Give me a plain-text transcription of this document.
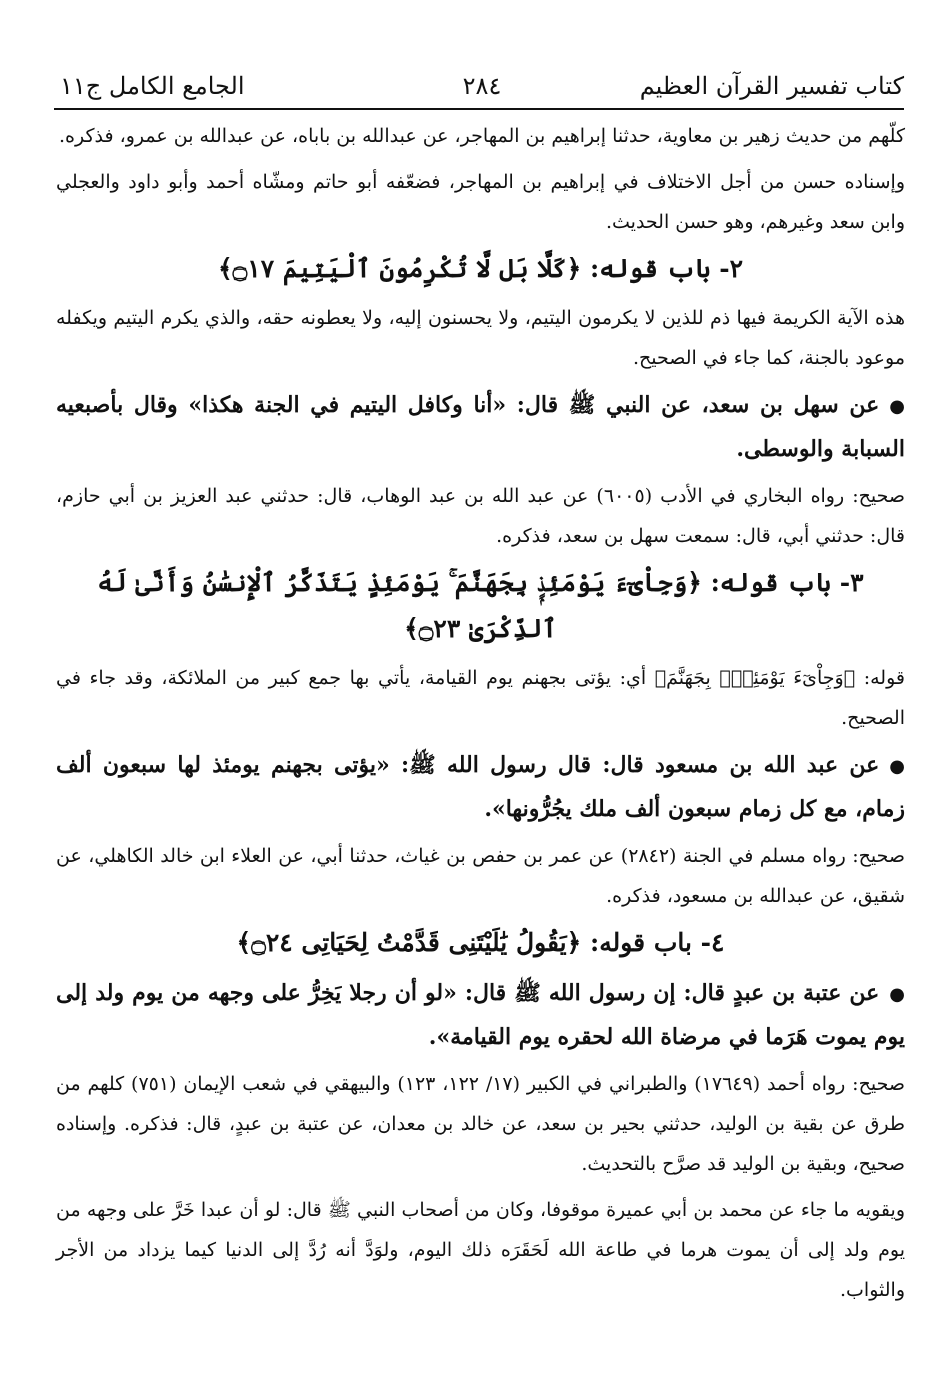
كتاب تفسير القرآن العظيم
٢٨٤
الجامع الكامل ج١١

كلّهم من حديث زهير بن معاوية، حدثنا إبراهيم بن المهاجر، عن عبدالله بن باباه، عن عبدالله بن عمرو، فذكره.

وإسناده حسن من أجل الاختلاف في إبراهيم بن المهاجر، فضعّفه أبو حاتم ومشّاه أحمد وأبو داود والعجلي وابن سعد وغيرهم، وهو حسن الحديث.

٢- باب قوله: ﴿كَلَّا بَل لَّا تُكْرِمُونَ ٱلْيَتِيمَ ۝١٧﴾

هذه الآية الكريمة فيها ذم للذين لا يكرمون اليتيم، ولا يحسنون إليه، ولا يعطونه حقه، والذي يكرم اليتيم ويكفله موعود بالجنة، كما جاء في الصحيح.

●عن سهل بن سعد، عن النبي ﷺ قال: «أنا وكافل اليتيم في الجنة هكذا» وقال بأصبعيه السبابة والوسطى.

صحيح: رواه البخاري في الأدب (٦٠٠٥) عن عبد الله بن عبد الوهاب، قال: حدثني عبد العزيز بن أبي حازم، قال: حدثني أبي، قال: سمعت سهل بن سعد، فذكره.

٣- باب قوله: ﴿وَجِاْىٓءَ يَوْمَئِذٍۭ بِجَهَنَّمَ ۚ يَوْمَئِذٍ يَتَذَكَّرُ ٱلْإِنسَٰنُ وَأَنَّىٰ لَهُ ٱلذِّكْرَىٰ ۝٢٣﴾

قوله: ﴿وَجِاْىٓءَ يَوْمَئِذٍۭ بِجَهَنَّمَ﴾ أي: يؤتى بجهنم يوم القيامة، يأتي بها جمع كبير من الملائكة، وقد جاء في الصحيح.

●عن عبد الله بن مسعود قال: قال رسول الله ﷺ: «يؤتى بجهنم يومئذ لها سبعون ألف زمام، مع كل زمام سبعون ألف ملك يجُرُّونها».

صحيح: رواه مسلم في الجنة (٢٨٤٢) عن عمر بن حفص بن غياث، حدثنا أبي، عن العلاء ابن خالد الكاهلي، عن شقيق، عن عبدالله بن مسعود، فذكره.

٤- باب قوله: ﴿يَقُولُ يَٰلَيْتَنِى قَدَّمْتُ لِحَيَاتِى ۝٢٤﴾

●عن عتبة بن عبدٍ قال: إن رسول الله ﷺ قال: «لو أن رجلا يَخِرُّ على وجهه من يوم ولد إلى يوم يموت هَرَما في مرضاة الله لحقره يوم القيامة».

صحيح: رواه أحمد (١٧٦٤٩) والطبراني في الكبير (١٧/ ١٢٢، ١٢٣) والبيهقي في شعب الإيمان (٧٥١) كلهم من طرق عن بقية بن الوليد، حدثني بحير بن سعد، عن خالد بن معدان، عن عتبة بن عبدٍ، قال: فذكره. وإسناده صحيح، وبقية بن الوليد قد صرَّح بالتحديث.

ويقويه ما جاء عن محمد بن أبي عميرة موقوفا، وكان من أصحاب النبي ﷺ قال: لو أن عبدا خَرَّ على وجهه من يوم ولد إلى أن يموت هرما في طاعة الله لَحَقَرَه ذلك اليوم، ولوَدَّ أنه رُدَّ إلى الدنيا كيما يزداد من الأجر والثواب.
